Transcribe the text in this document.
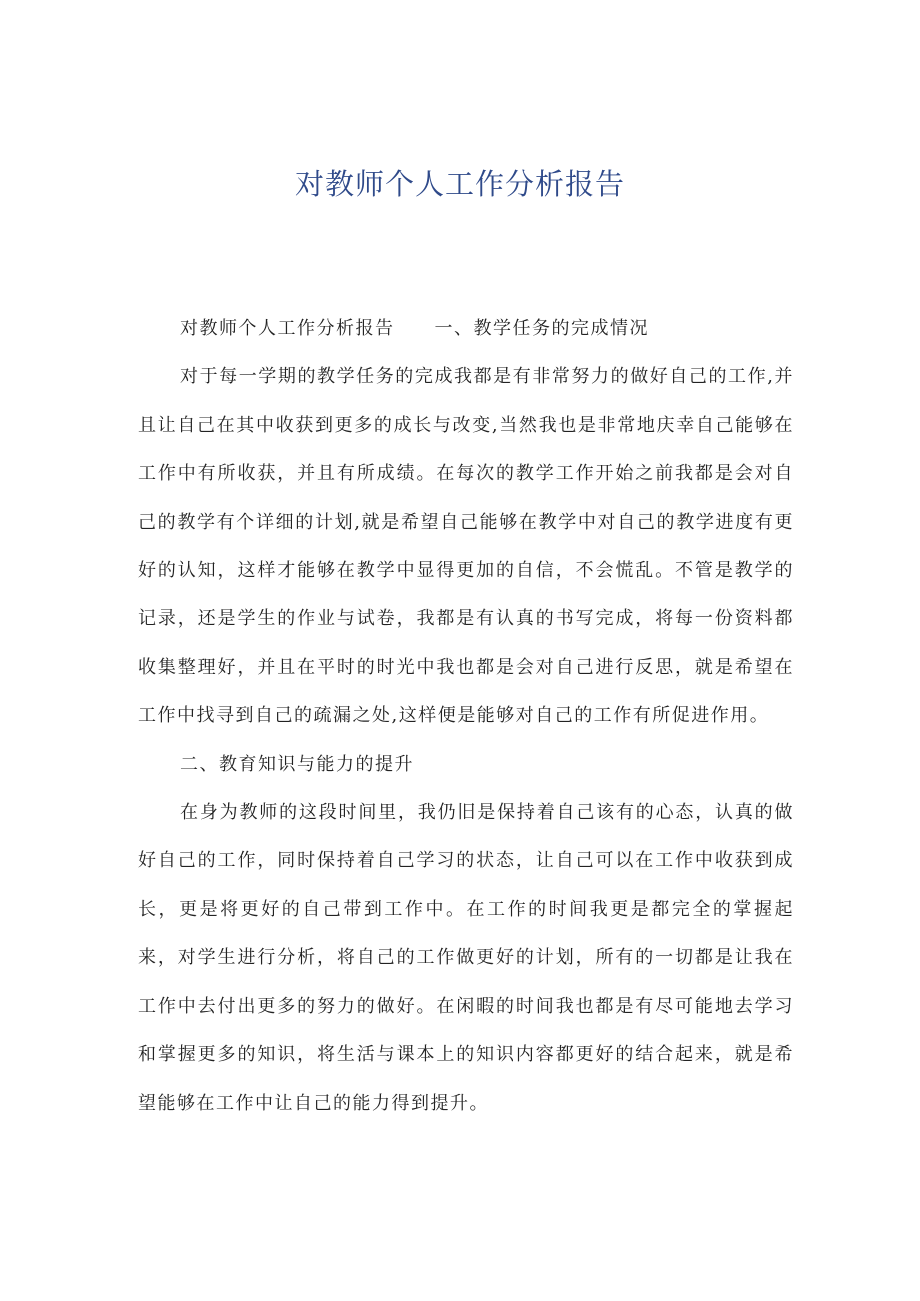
对教师个人工作分析报告

对教师个人工作分析报告 一、教学任务的完成情况

对于每一学期的教学任务的完成我都是有非常努力的做好自己的工作,并且让自己在其中收获到更多的成长与改变,当然我也是非常地庆幸自己能够在工作中有所收获，并且有所成绩。在每次的教学工作开始之前我都是会对自己的教学有个详细的计划,就是希望自己能够在教学中对自己的教学进度有更好的认知，这样才能够在教学中显得更加的自信，不会慌乱。不管是教学的记录，还是学生的作业与试卷，我都是有认真的书写完成，将每一份资料都收集整理好，并且在平时的时光中我也都是会对自己进行反思，就是希望在工作中找寻到自己的疏漏之处,这样便是能够对自己的工作有所促进作用。

二、教育知识与能力的提升

在身为教师的这段时间里，我仍旧是保持着自己该有的心态，认真的做好自己的工作，同时保持着自己学习的状态，让自己可以在工作中收获到成长，更是将更好的自己带到工作中。在工作的时间我更是都完全的掌握起来，对学生进行分析，将自己的工作做更好的计划，所有的一切都是让我在工作中去付出更多的努力的做好。在闲暇的时间我也都是有尽可能地去学习和掌握更多的知识，将生活与课本上的知识内容都更好的结合起来，就是希望能够在工作中让自己的能力得到提升。
